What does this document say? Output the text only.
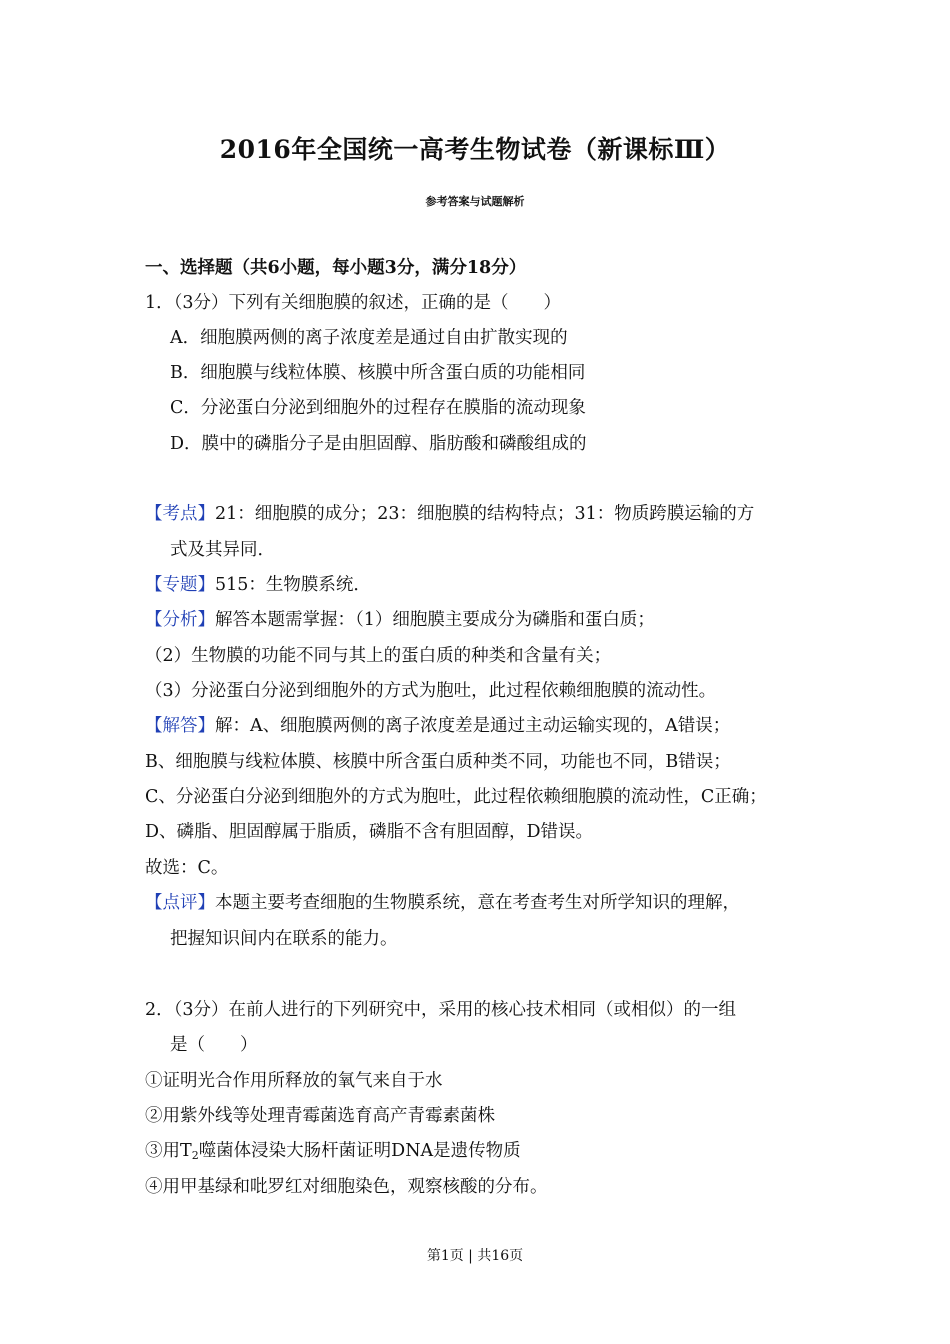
2016年全国统一高考生物试卷（新课标Ⅲ）
参考答案与试题解析
一、选择题（共6小题，每小题3分，满分18分）
1．（3分）下列有关细胞膜的叙述，正确的是（　　）
A．细胞膜两侧的离子浓度差是通过自由扩散实现的
B．细胞膜与线粒体膜、核膜中所含蛋白质的功能相同
C．分泌蛋白分泌到细胞外的过程存在膜脂的流动现象
D．膜中的磷脂分子是由胆固醇、脂肪酸和磷酸组成的
【考点】21：细胞膜的成分；23：细胞膜的结构特点；31：物质跨膜运输的方
式及其异同．
【专题】515：生物膜系统．
【分析】解答本题需掌握：（1）细胞膜主要成分为磷脂和蛋白质；
（2）生物膜的功能不同与其上的蛋白质的种类和含量有关；
（3）分泌蛋白分泌到细胞外的方式为胞吐，此过程依赖细胞膜的流动性。
【解答】解：A、细胞膜两侧的离子浓度差是通过主动运输实现的，A错误；
B、细胞膜与线粒体膜、核膜中所含蛋白质种类不同，功能也不同，B错误；
C、分泌蛋白分泌到细胞外的方式为胞吐，此过程依赖细胞膜的流动性，C正确；
D、磷脂、胆固醇属于脂质，磷脂不含有胆固醇，D错误。
故选：C。
【点评】本题主要考查细胞的生物膜系统，意在考查考生对所学知识的理解，
把握知识间内在联系的能力。
2．（3分）在前人进行的下列研究中，采用的核心技术相同（或相似）的一组
是（　　）
①证明光合作用所释放的氧气来自于水
②用紫外线等处理青霉菌选育高产青霉素菌株
③用$T_2$噬菌体浸染大肠杆菌证明DNA是遗传物质
④用甲基绿和吡罗红对细胞染色，观察核酸的分布。
第1页 | 共16页
